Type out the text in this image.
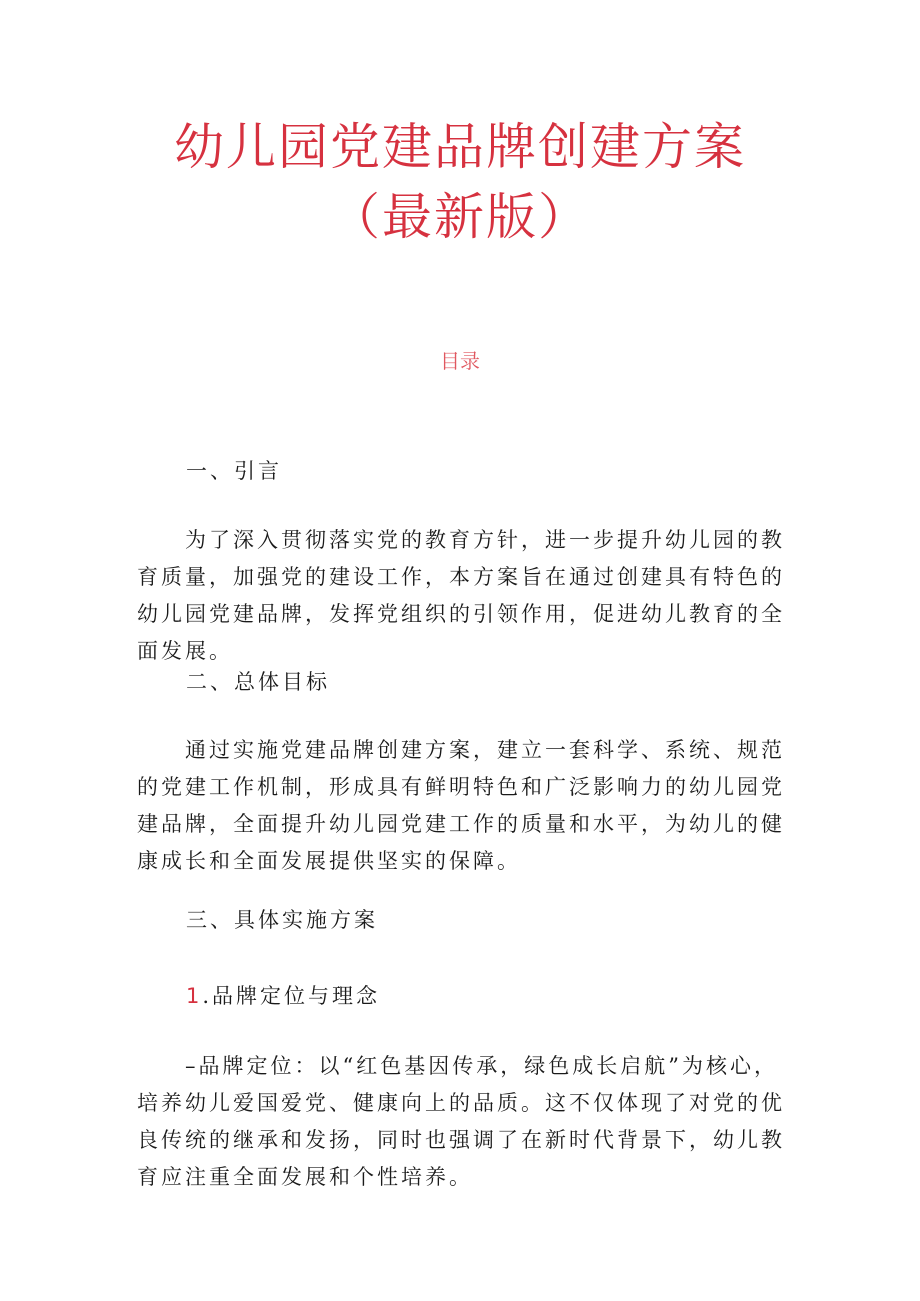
幼儿园党建品牌创建方案
（最新版）
目录
一、引言
为了深入贯彻落实党的教育方针，进一步提升幼儿园的教育质量，加强党的建设工作，本方案旨在通过创建具有特色的幼儿园党建品牌，发挥党组织的引领作用，促进幼儿教育的全面发展。
二、总体目标
通过实施党建品牌创建方案，建立一套科学、系统、规范的党建工作机制，形成具有鲜明特色和广泛影响力的幼儿园党建品牌，全面提升幼儿园党建工作的质量和水平，为幼儿的健康成长和全面发展提供坚实的保障。
三、具体实施方案
1.品牌定位与理念
–品牌定位：以“红色基因传承，绿色成长启航”为核心，培养幼儿爱国爱党、健康向上的品质。这不仅体现了对党的优良传统的继承和发扬，同时也强调了在新时代背景下，幼儿教育应注重全面发展和个性培养。
